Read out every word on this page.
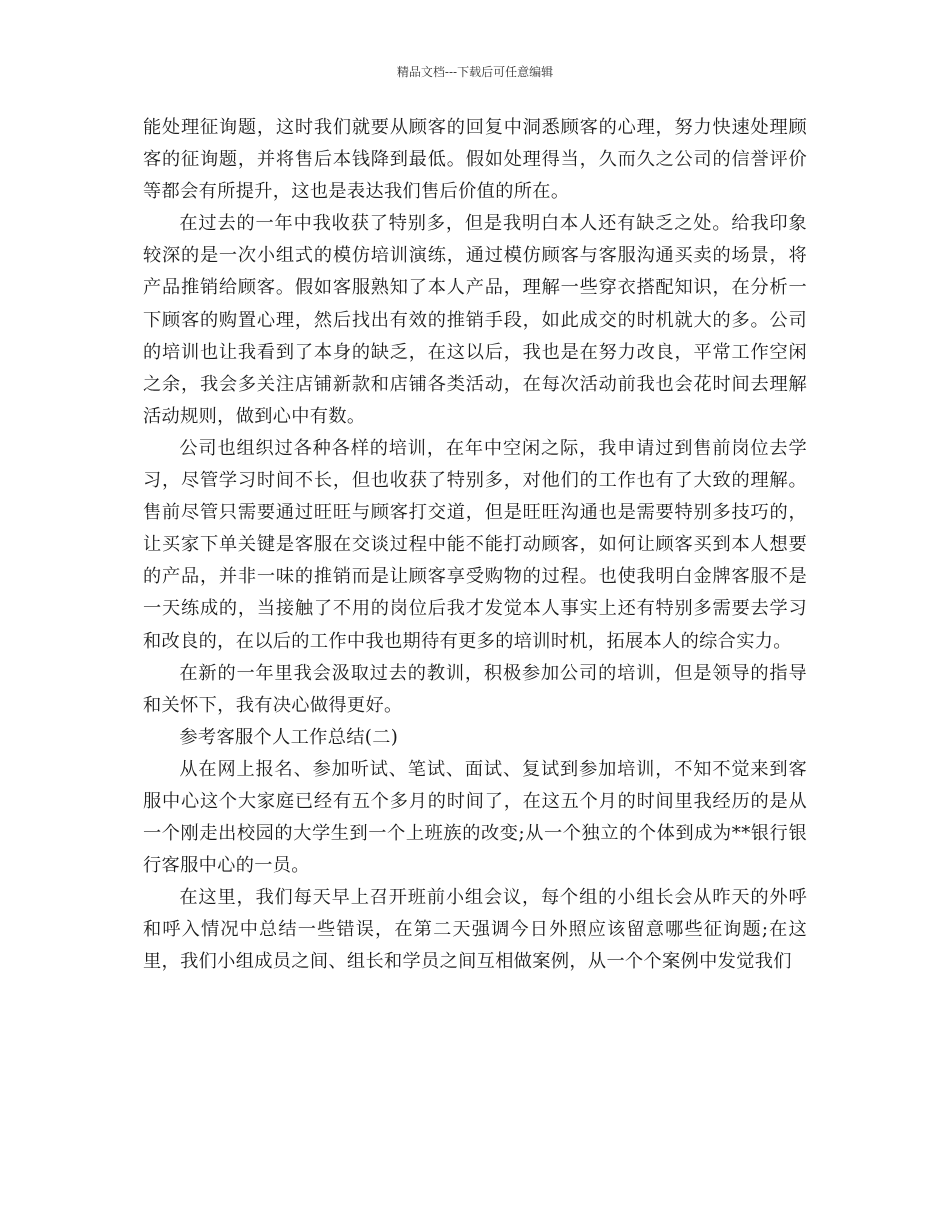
精品文档---下载后可任意编辑

能处理征询题，这时我们就要从顾客的回复中洞悉顾客的心理，努力快速处理顾客的征询题，并将售后本钱降到最低。假如处理得当，久而久之公司的信誉评价等都会有所提升，这也是表达我们售后价值的所在。

在过去的一年中我收获了特别多，但是我明白本人还有缺乏之处。给我印象较深的是一次小组式的模仿培训演练，通过模仿顾客与客服沟通买卖的场景，将产品推销给顾客。假如客服熟知了本人产品，理解一些穿衣搭配知识，在分析一下顾客的购置心理，然后找出有效的推销手段，如此成交的时机就大的多。公司的培训也让我看到了本身的缺乏，在这以后，我也是在努力改良，平常工作空闲之余，我会多关注店铺新款和店铺各类活动，在每次活动前我也会花时间去理解活动规则，做到心中有数。

公司也组织过各种各样的培训，在年中空闲之际，我申请过到售前岗位去学习，尽管学习时间不长，但也收获了特别多，对他们的工作也有了大致的理解。售前尽管只需要通过旺旺与顾客打交道，但是旺旺沟通也是需要特别多技巧的，让买家下单关键是客服在交谈过程中能不能打动顾客，如何让顾客买到本人想要的产品，并非一味的推销而是让顾客享受购物的过程。也使我明白金牌客服不是一天练成的，当接触了不用的岗位后我才发觉本人事实上还有特别多需要去学习和改良的，在以后的工作中我也期待有更多的培训时机，拓展本人的综合实力。

在新的一年里我会汲取过去的教训，积极参加公司的培训，但是领导的指导和关怀下，我有决心做得更好。

参考客服个人工作总结(二)

从在网上报名、参加听试、笔试、面试、复试到参加培训，不知不觉来到客服中心这个大家庭已经有五个多月的时间了，在这五个月的时间里我经历的是从一个刚走出校园的大学生到一个上班族的改变;从一个独立的个体到成为**银行银行客服中心的一员。

在这里，我们每天早上召开班前小组会议，每个组的小组长会从昨天的外呼和呼入情况中总结一些错误，在第二天强调今日外照应该留意哪些征询题;在这里，我们小组成员之间、组长和学员之间互相做案例，从一个个案例中发觉我们
